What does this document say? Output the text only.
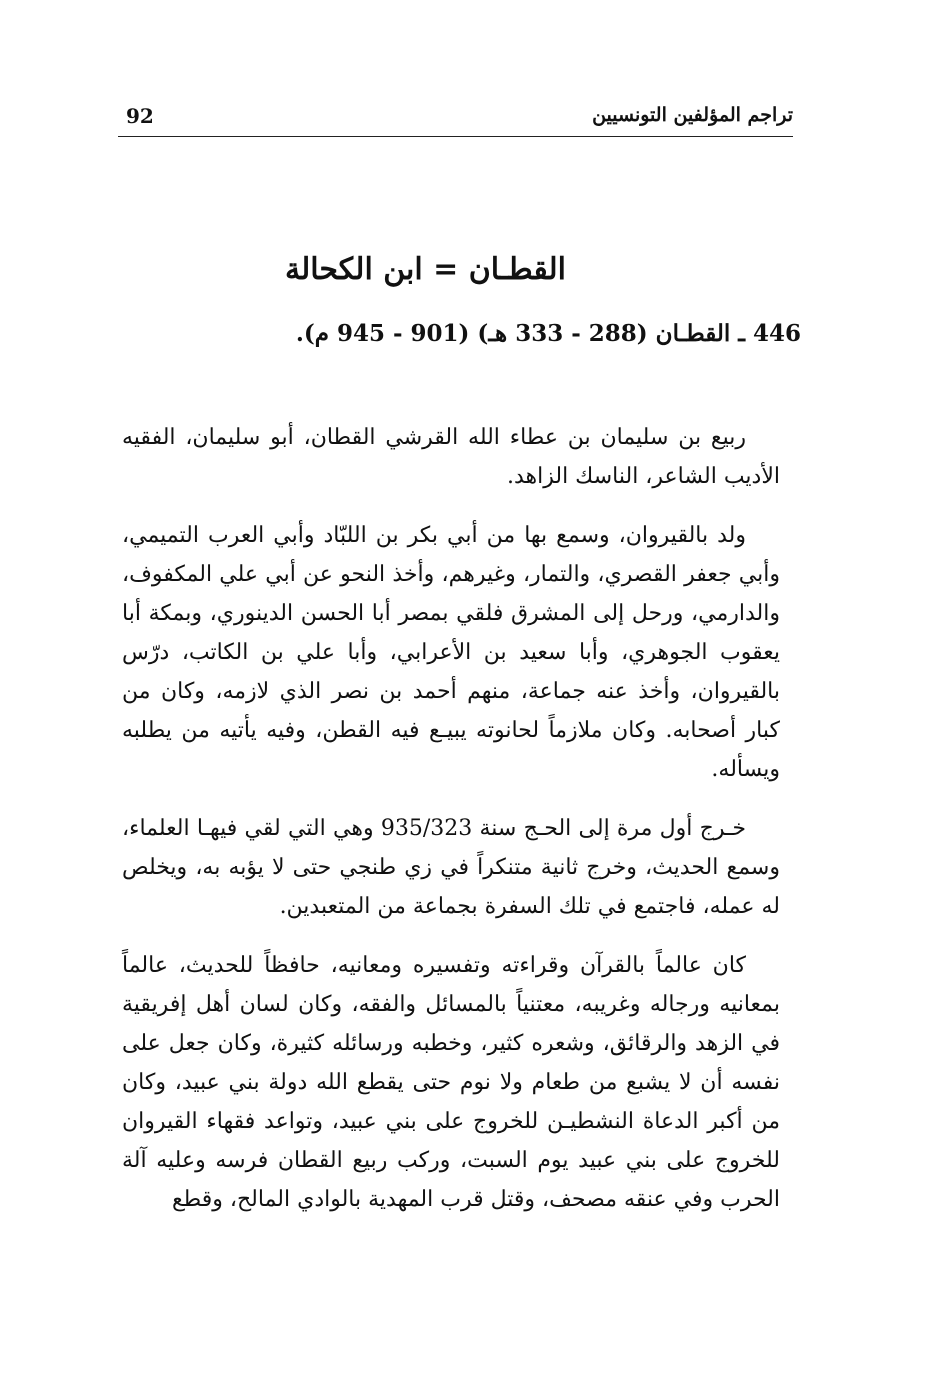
تراجم المؤلفين التونسيين
92
القطـان = ابن الكحالة
446 ـ القطـان (288 - 333 هـ) (901 - 945 م).

ربيع بن سليمان بن عطاء الله القرشي القطان، أبو سليمان، الفقيه الأديب الشاعر، الناسك الزاهد.

ولد بالقيروان، وسمع بها من أبي بكر بن اللبّاد وأبي العرب التميمي، وأبي جعفر القصري، والتمار، وغيرهم، وأخذ النحو عن أبي علي المكفوف، والدارمي، ورحل إلى المشرق فلقي بمصر أبا الحسن الدينوري، وبمكة أبا يعقوب الجوهري، وأبا سعيد بن الأعرابي، وأبا علي بن الكاتب، درّس بالقيروان، وأخذ عنه جماعة، منهم أحمد بن نصر الذي لازمه، وكان من كبار أصحابه. وكان ملازماً لحانوته يبيـع فيه القطن، وفيه يأتيه من يطلبه ويسأله.

خـرج أول مرة إلى الحـج سنة 935/323 وهي التي لقي فيهـا العلماء، وسمع الحديث، وخرج ثانية متنكراً في زي طنجي حتى لا يؤبه به، ويخلص له عمله، فاجتمع في تلك السفرة بجماعة من المتعبدين.

كان عالماً بالقرآن وقراءته وتفسيره ومعانيه، حافظاً للحديث، عالماً بمعانيه ورجاله وغريبه، معتنياً بالمسائل والفقه، وكان لسان أهل إفريقية في الزهد والرقائق، وشعره كثير، وخطبه ورسائله كثيرة، وكان جعل على نفسه أن لا يشبع من طعام ولا نوم حتى يقطع الله دولة بني عبيد، وكان من أكبر الدعاة النشطيـن للخروج على بني عبيد، وتواعد فقهاء القيروان للخروج على بني عبيد يوم السبت، وركب ربيع القطان فرسه وعليه آلة الحرب وفي عنقه مصحف، وقتل قرب المهدية بالوادي المالح، وقطع
